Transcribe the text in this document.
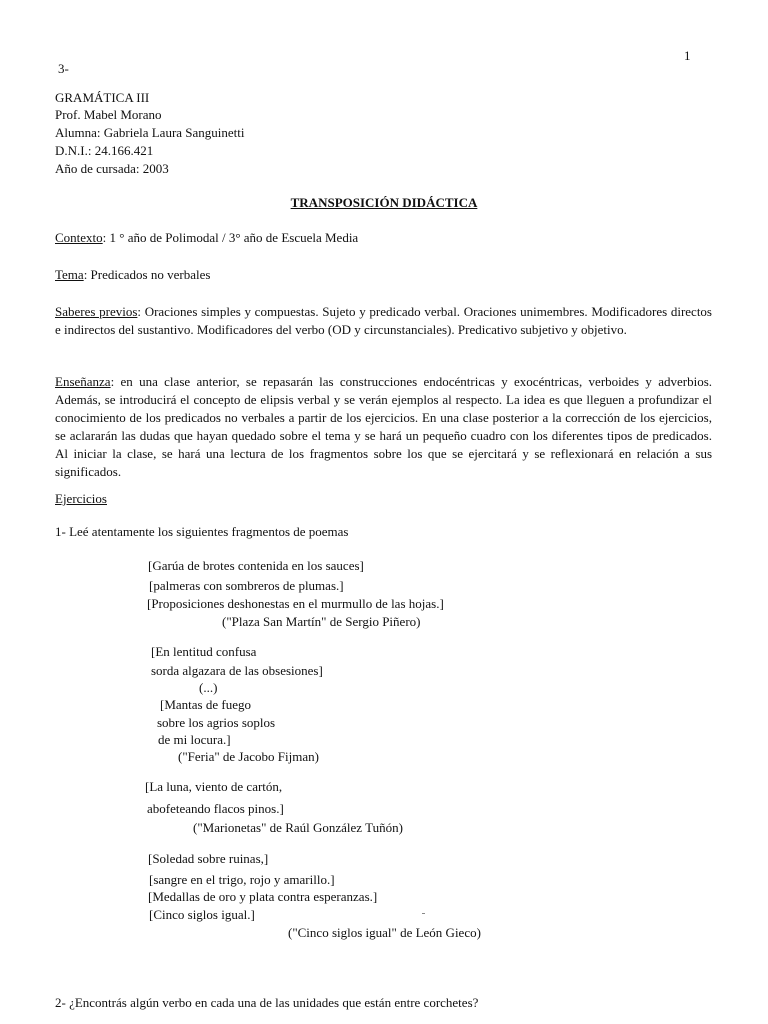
1
3-
GRAMÁTICA III
Prof. Mabel Morano
Alumna: Gabriela Laura Sanguinetti
D.N.I.: 24.166.421
Año de cursada: 2003
TRANSPOSICIÓN DIDÁCTICA
Contexto: 1 ° año de Polimodal / 3° año de Escuela Media
Tema: Predicados no verbales
Saberes previos: Oraciones simples y compuestas. Sujeto y predicado verbal. Oraciones unimembres. Modificadores directos e indirectos del sustantivo. Modificadores del verbo (OD y circunstanciales). Predicativo subjetivo y objetivo.
Enseñanza: en una clase anterior, se repasarán las construcciones endocéntricas y exocéntricas, verboides y adverbios. Además, se introducirá el concepto de elipsis verbal y se verán ejemplos al respecto. La idea es que lleguen a profundizar el conocimiento de los predicados no verbales a partir de los ejercicios. En una clase posterior a la corrección de los ejercicios, se aclararán las dudas que hayan quedado sobre el tema y se hará un pequeño cuadro con los diferentes tipos de predicados. Al iniciar la clase, se hará una lectura de los fragmentos sobre los que se ejercitará y se reflexionará en relación a sus significados.
Ejercicios
1- Leé atentamente los siguientes fragmentos de poemas
[Garúa de brotes contenida en los sauces]
[palmeras con sombreros de plumas.]
[Proposiciones deshonestas en el murmullo de las hojas.]
("Plaza San Martín" de Sergio Piñero)
[En lentitud confusa
sorda algazara de las obsesiones]
(...)
[Mantas de fuego
sobre los agrios soplos
de mi locura.]
("Feria" de Jacobo Fijman)
[La luna, viento de cartón,
abofeteando flacos pinos.]
("Marionetas" de Raúl González Tuñón)
[Soledad sobre ruinas,]
[sangre en el trigo, rojo y amarillo.]
[Medallas de oro y plata contra esperanzas.]
[Cinco siglos igual.]
("Cinco siglos igual" de León Gieco)
2- ¿Encontrás algún verbo en cada una de las unidades que están entre corchetes?
